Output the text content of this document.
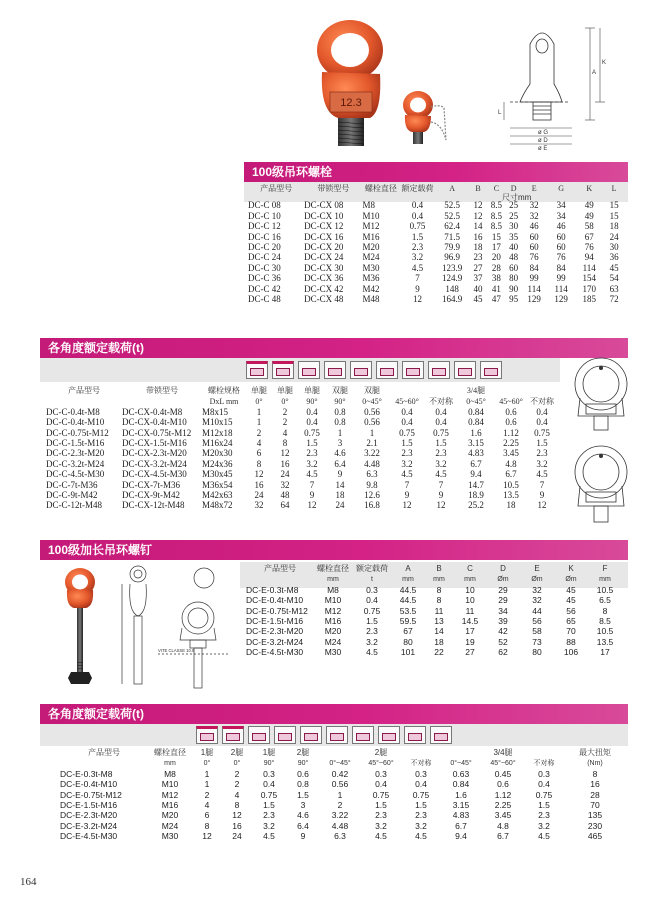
12.3
A
K
L
ø G
ø D
ø E
100级吊环螺栓
尺寸mm
产品型号	带锁型号	螺栓直径	额定载荷	A	B	C	D	E	G	K	L

DC-C 08	DC-CX 08	M8	0.4	52.5	12	8.5	25	32	34	49	15
DC-C 10	DC-CX 10	M10	0.4	52.5	12	8.5	25	32	34	49	15
DC-C 12	DC-CX 12	M12	0.75	62.4	14	8.5	30	46	46	58	18
DC-C 16	DC-CX 16	M16	1.5	71.5	16	15	35	60	60	67	24
DC-C 20	DC-CX 20	M20	2.3	79.9	18	17	40	60	60	76	30
DC-C 24	DC-CX 24	M24	3.2	96.9	23	20	48	76	76	94	36
DC-C 30	DC-CX 30	M30	4.5	123.9	27	28	60	84	84	114	45
DC-C 36	DC-CX 36	M36	7	124.9	37	38	80	99	99	154	54
DC-C 42	DC-CX 42	M42	9	148	40	41	90	114	114	170	63
DC-C 48	DC-CX 48	M48	12	164.9	45	47	95	129	129	185	72
各角度额定载荷(t)
产品型号	带锁型号	螺栓规格	单腿	单腿	单腿	双腿	双腿			3/4腿		
		DxL mm	0°	0°	90°	90°	0~45°	45~60°	不对称	0~45°	45~60°	不对称
DC-C-0.4t-M8	DC-CX-0.4t-M8	M8x15	1	2	0.4	0.8	0.56	0.4	0.4	0.84	0.6	0.4
DC-C-0.4t-M10	DC-CX-0.4t-M10	M10x15	1	2	0.4	0.8	0.56	0.4	0.4	0.84	0.6	0.4
DC-C-0.75t-M12	DC-CX-0.75t-M12	M12x18	2	4	0.75	1	1	0.75	0.75	1.6	1.12	0.75
DC-C-1.5t-M16	DC-CX-1.5t-M16	M16x24	4	8	1.5	3	2.1	1.5	1.5	3.15	2.25	1.5
DC-C-2.3t-M20	DC-CX-2.3t-M20	M20x30	6	12	2.3	4.6	3.22	2.3	2.3	4.83	3.45	2.3
DC-C-3.2t-M24	DC-CX-3.2t-M24	M24x36	8	16	3.2	6.4	4.48	3.2	3.2	6.7	4.8	3.2
DC-C-4.5t-M30	DC-CX-4.5t-M30	M30x45	12	24	4.5	9	6.3	4.5	4.5	9.4	6.7	4.5
DC-C-7t-M36	DC-CX-7t-M36	M36x54	16	32	7	14	9.8	7	7	14.7	10.5	7
DC-C-9t-M42	DC-CX-9t-M42	M42x63	24	48	9	18	12.6	9	9	18.9	13.5	9
DC-C-12t-M48	DC-CX-12t-M48	M48x72	32	64	12	24	16.8	12	12	25.2	18	12
100级加长吊环螺钉
VITE CLASSE 10.9
产品型号	螺栓直径	额定载荷	A	B	C	D	E	K	F
	mm	t	mm	mm	mm	Øm	Øm	Øm	mm
DC-E-0.3t-M8	M8	0.3	44.5	8	10	29	32	45	10.5
DC-E-0.4t-M10	M10	0.4	44.5	8	10	29	32	45	6.5
DC-E-0.75t-M12	M12	0.75	53.5	11	11	34	44	56	8
DC-E-1.5t-M16	M16	1.5	59.5	13	14.5	39	56	65	8.5
DC-E-2.3t-M20	M20	2.3	67	14	17	42	58	70	10.5
DC-E-3.2t-M24	M24	3.2	80	18	19	52	73	88	13.5
DC-E-4.5t-M30	M30	4.5	101	22	27	62	80	106	17
各角度额定载荷(t)
产品型号	螺栓直径	1腿	2腿	1腿	2腿		2腿			3/4腿		最大扭矩
	mm	0°	0°	90°	90°	0°~45°	45°~60°	不对称	0°~45°	45°~60°	不对称	(Nm)
DC-E-0.3t-M8	M8	1	2	0.3	0.6	0.42	0.3	0.3	0.63	0.45	0.3	8
DC-E-0.4t-M10	M10	1	2	0.4	0.8	0.56	0.4	0.4	0.84	0.6	0.4	16
DC-E-0.75t-M12	M12	2	4	0.75	1.5	1	0.75	0.75	1.6	1.12	0.75	28
DC-E-1.5t-M16	M16	4	8	1.5	3	2	1.5	1.5	3.15	2.25	1.5	70
DC-E-2.3t-M20	M20	6	12	2.3	4.6	3.22	2.3	2.3	4.83	3.45	2.3	135
DC-E-3.2t-M24	M24	8	16	3.2	6.4	4.48	3.2	3.2	6.7	4.8	3.2	230
DC-E-4.5t-M30	M30	12	24	4.5	9	6.3	4.5	4.5	9.4	6.7	4.5	465
164
